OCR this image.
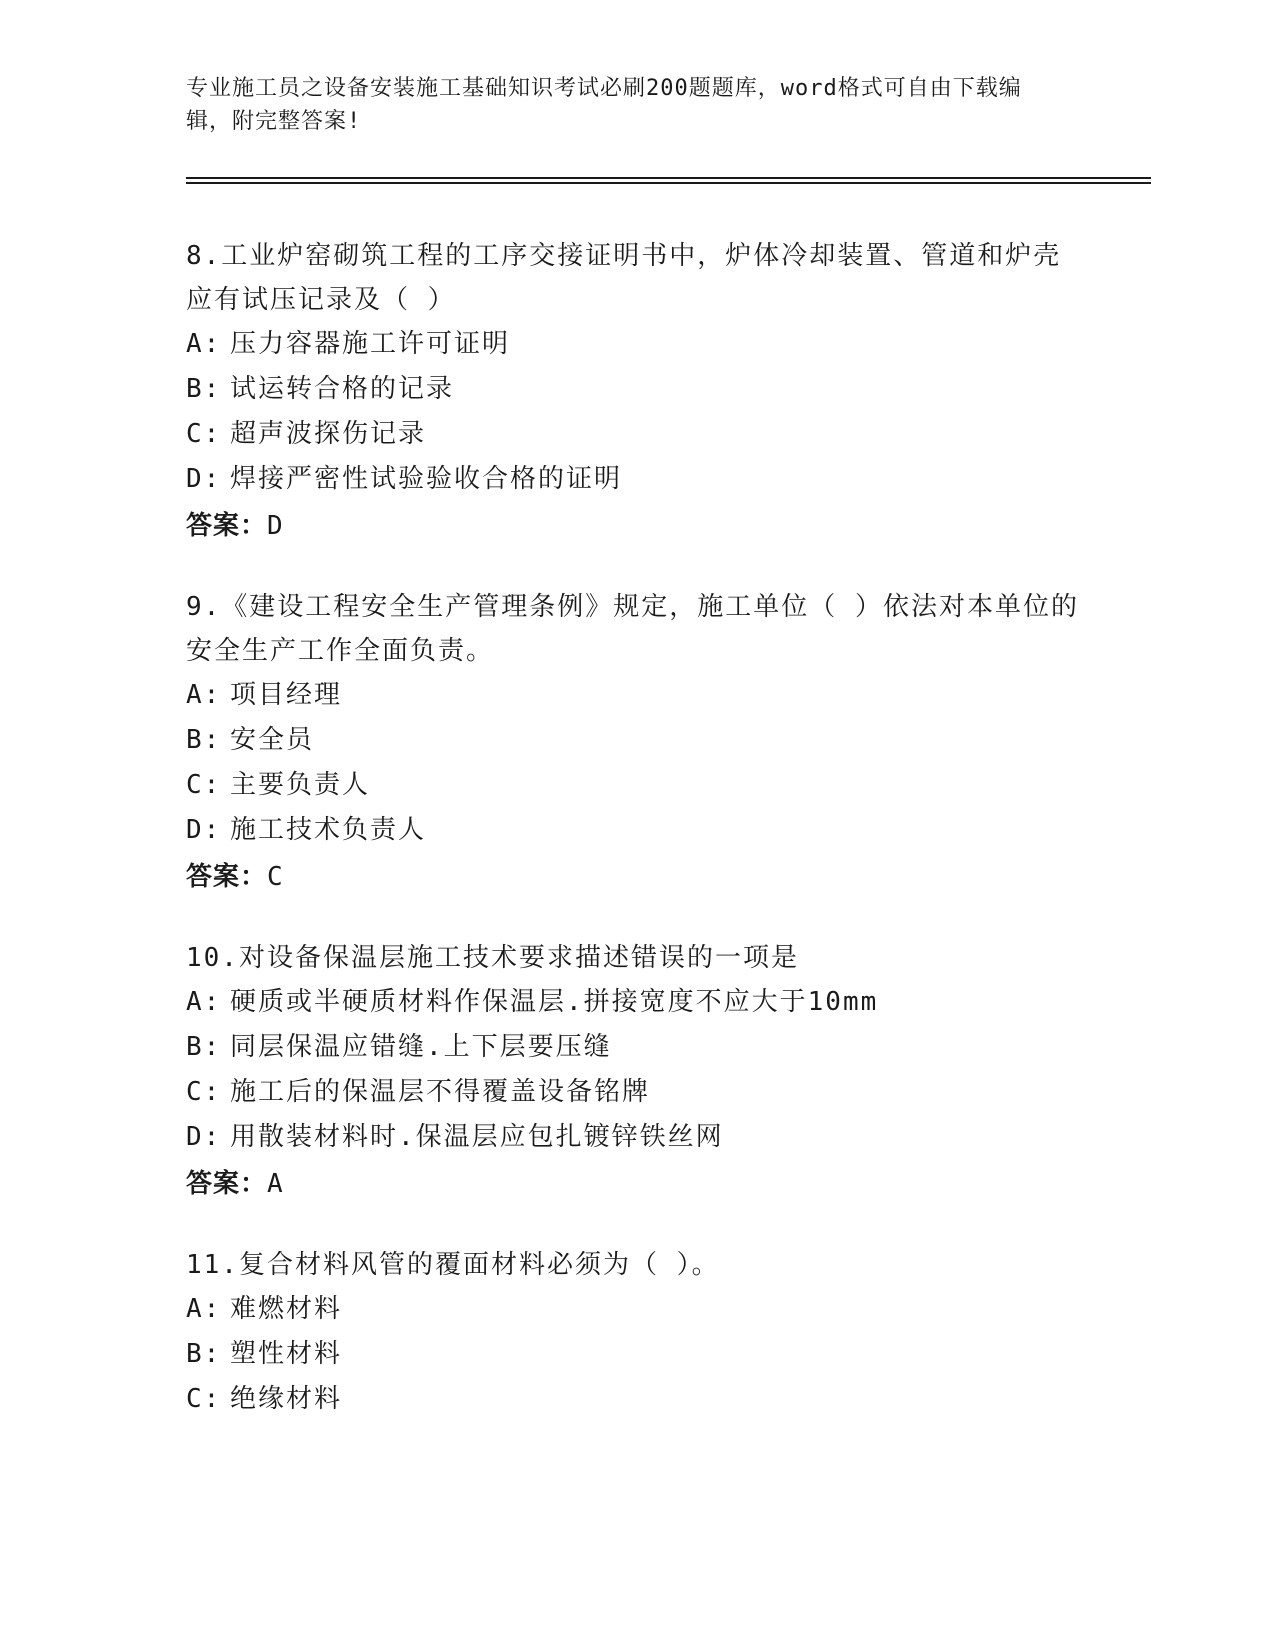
专业施工员之设备安装施工基础知识考试必刷200题题库，word格式可自由下载编辑，附完整答案!
8.工业炉窑砌筑工程的工序交接证明书中，炉体冷却装置、管道和炉壳应有试压记录及（ ）
A: 压力容器施工许可证明
B: 试运转合格的记录
C: 超声波探伤记录
D: 焊接严密性试验验收合格的证明
答案：D
9.《建设工程安全生产管理条例》规定，施工单位（ ）依法对本单位的安全生产工作全面负责。
A: 项目经理
B: 安全员
C: 主要负责人
D: 施工技术负责人
答案：C
10.对设备保温层施工技术要求描述错误的一项是
A: 硬质或半硬质材料作保温层.拼接宽度不应大于10mm
B: 同层保温应错缝.上下层要压缝
C: 施工后的保温层不得覆盖设备铭牌
D: 用散装材料时.保温层应包扎镀锌铁丝网
答案：A
11.复合材料风管的覆面材料必须为（ ）。
A: 难燃材料
B: 塑性材料
C: 绝缘材料
